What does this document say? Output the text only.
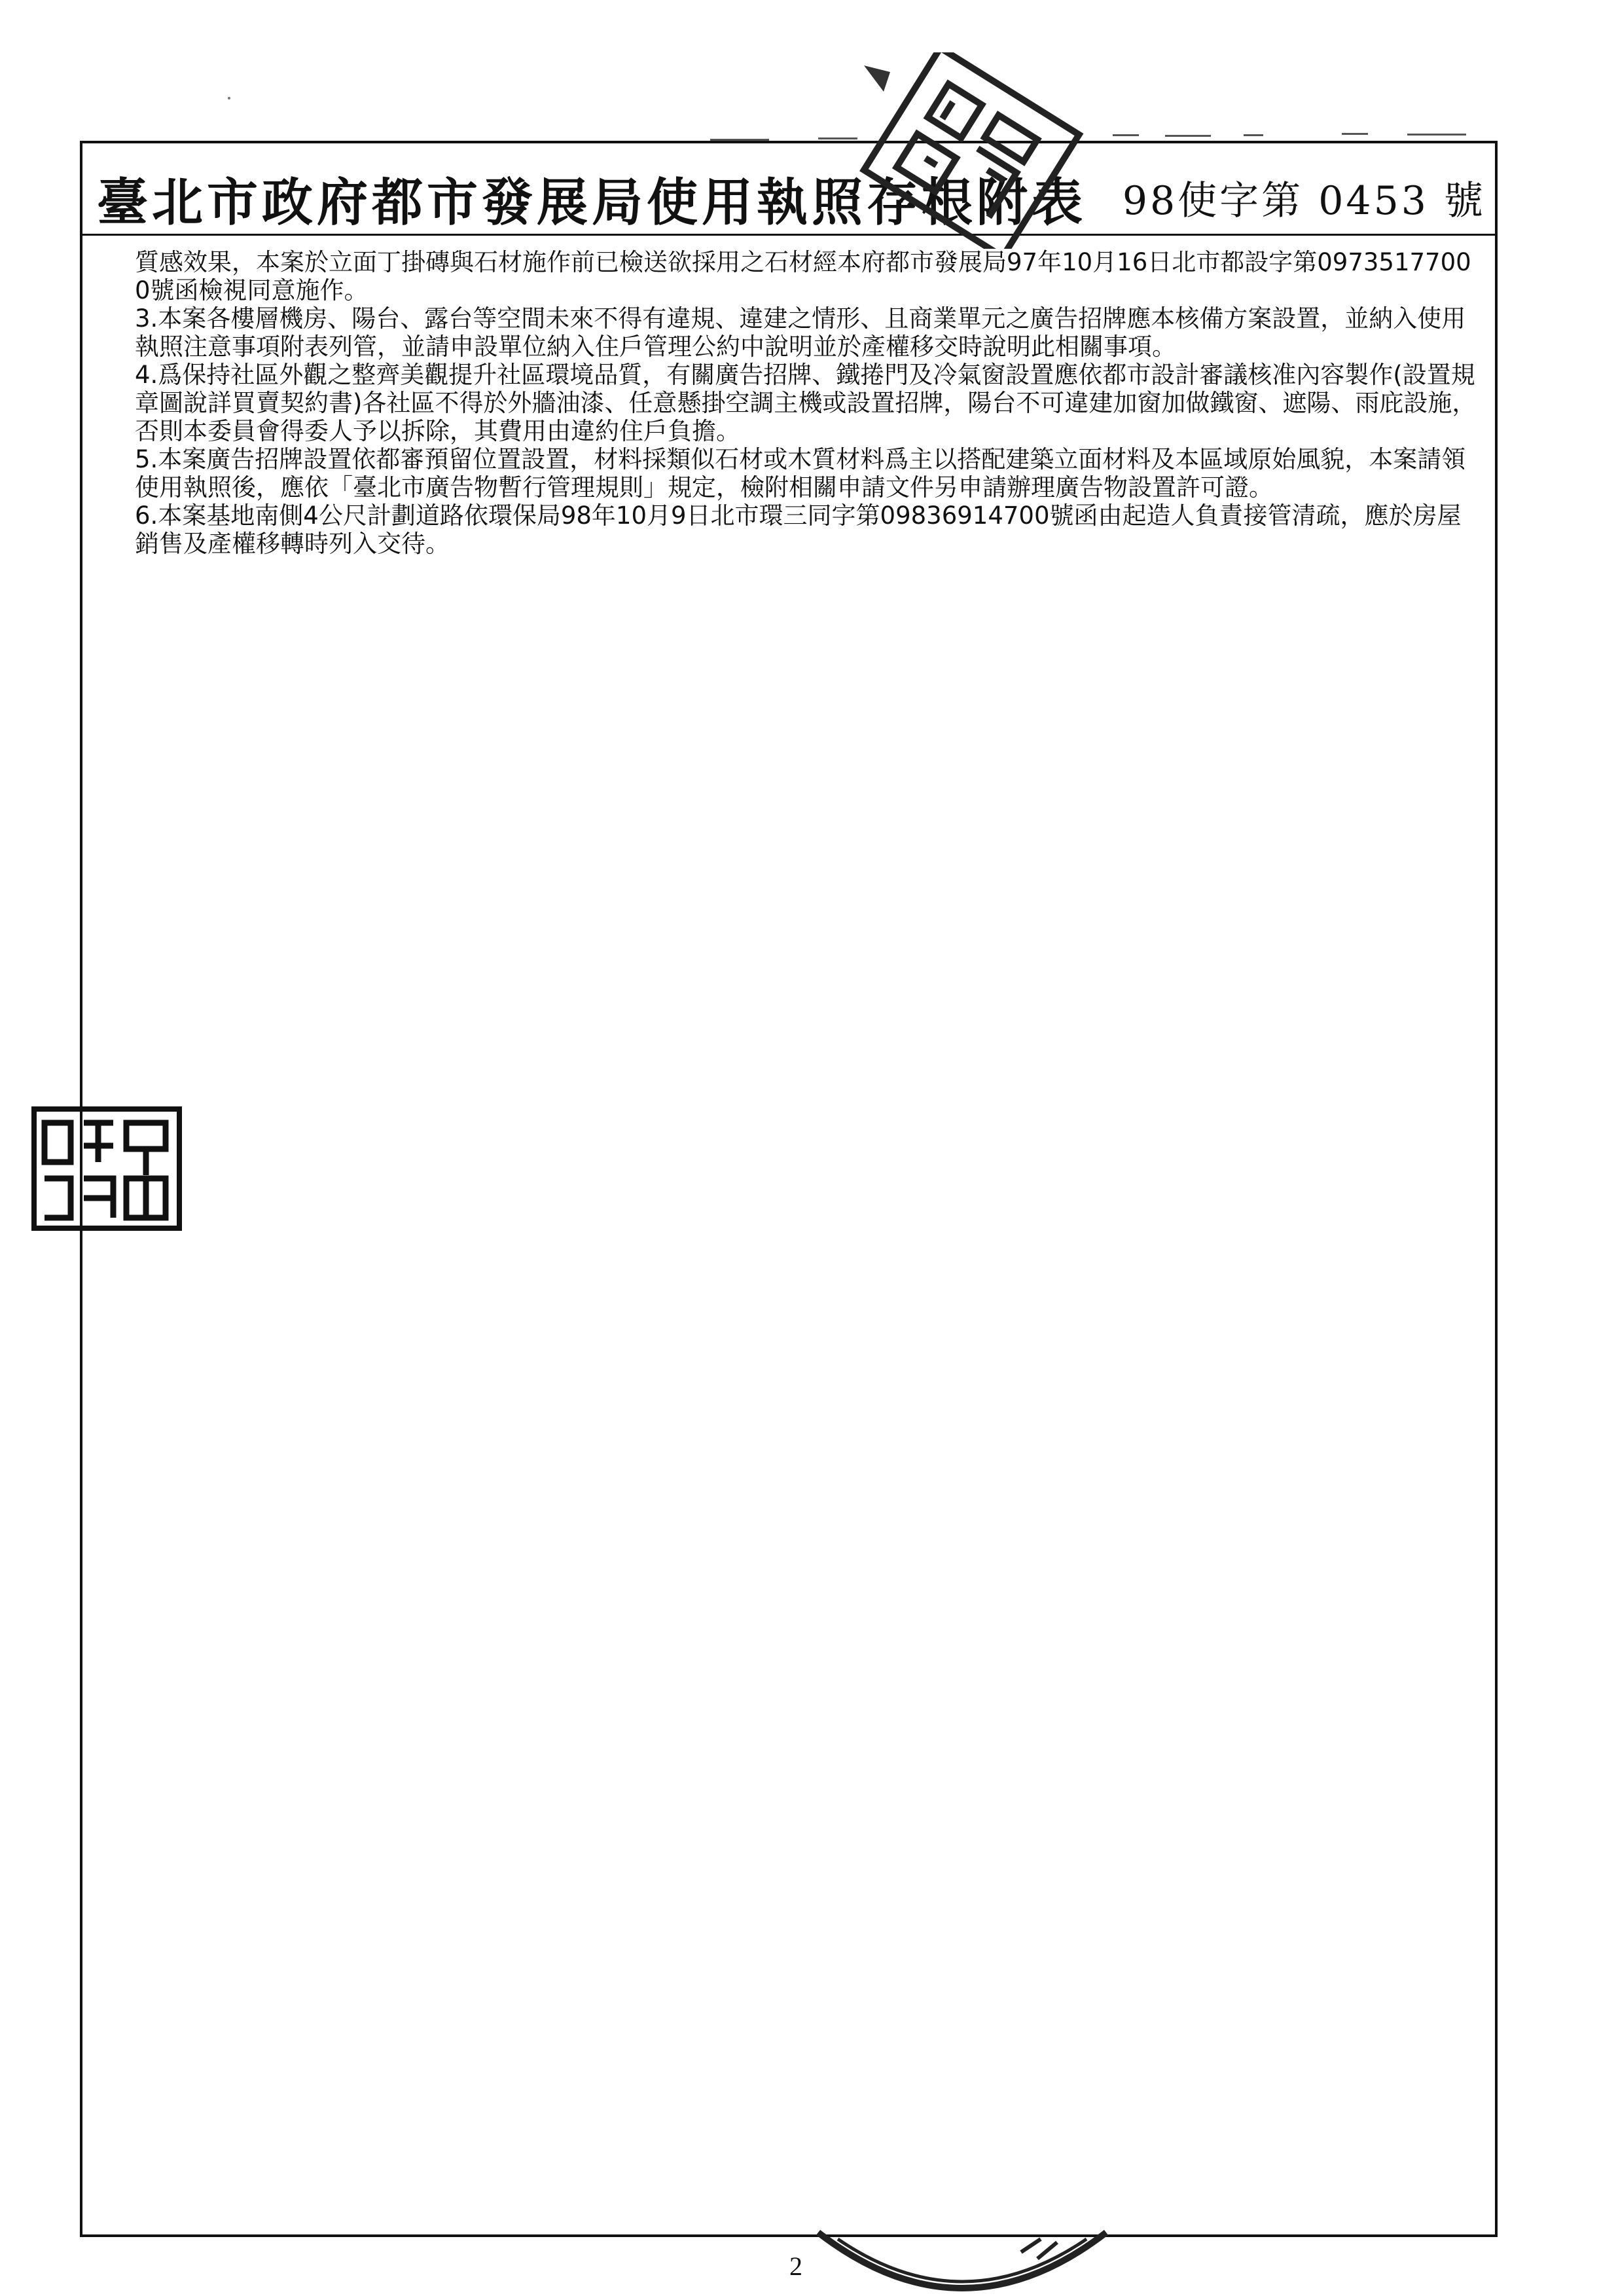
臺北市政府都市發展局使用執照存根附表 98使字第 0453 號

質感效果，本案於立面丁掛磚與石材施作前已檢送欲採用之石材經本府都市發展局97年10月16日北市都設字第09735177000號函檢視同意施作。

3.本案各樓層機房、陽台、露台等空間未來不得有違規、違建之情形、且商業單元之廣告招牌應本核備方案設置，並納入使用執照注意事項附表列管，並請申設單位納入住戶管理公約中說明並於產權移交時說明此相關事項。

4.爲保持社區外觀之整齊美觀提升社區環境品質，有關廣告招牌、鐵捲門及冷氣窗設置應依都市設計審議核准內容製作(設置規章圖說詳買賣契約書)各社區不得於外牆油漆、任意懸掛空調主機或設置招牌，陽台不可違建加窗加做鐵窗、遮陽、雨庇設施，否則本委員會得委人予以拆除，其費用由違約住戶負擔。

5.本案廣告招牌設置依都審預留位置設置，材料採類似石材或木質材料爲主以搭配建築立面材料及本區域原始風貌，本案請領使用執照後，應依「臺北市廣告物暫行管理規則」規定，檢附相關申請文件另申請辦理廣告物設置許可證。

6.本案基地南側4公尺計劃道路依環保局98年10月9日北市環三同字第09836914700號函由起造人負責接管清疏，應於房屋銷售及產權移轉時列入交待。

2
